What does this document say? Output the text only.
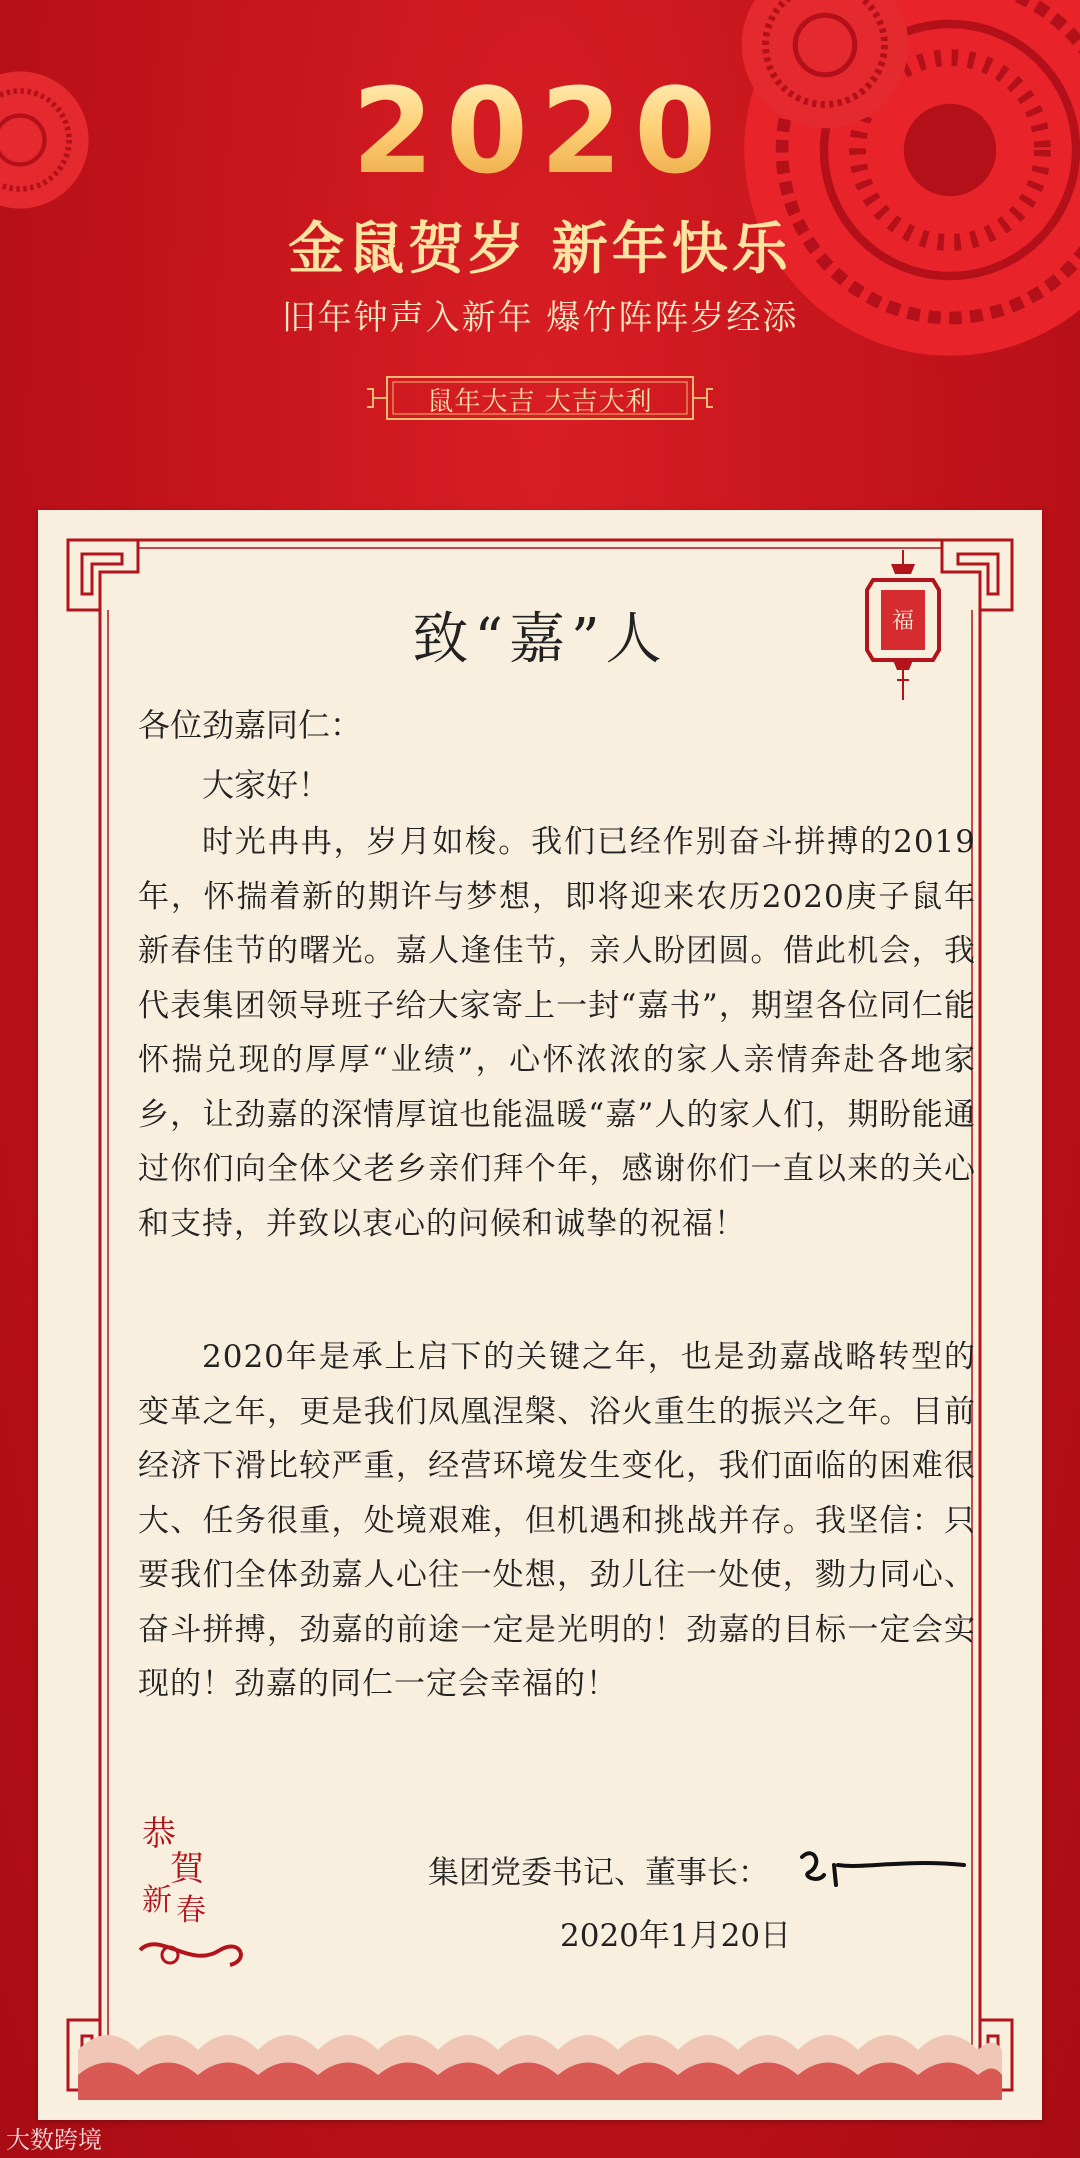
2020
金鼠贺岁 新年快乐
旧年钟声入新年 爆竹阵阵岁经添
鼠年大吉 大吉大利
福
致“嘉”人
各位劲嘉同仁：
大家好！
时光冉冉，岁月如梭。我们已经作别奋斗拼搏的2019年，怀揣着新的期许与梦想，即将迎来农历2020庚子鼠年新春佳节的曙光。嘉人逢佳节，亲人盼团圆。借此机会，我代表集团领导班子给大家寄上一封“嘉书”，期望各位同仁能怀揣兑现的厚厚“业绩”，心怀浓浓的家人亲情奔赴各地家乡，让劲嘉的深情厚谊也能温暖“嘉”人的家人们，期盼能通过你们向全体父老乡亲们拜个年，感谢你们一直以来的关心和支持，并致以衷心的问候和诚挚的祝福！
2020年是承上启下的关键之年，也是劲嘉战略转型的变革之年，更是我们凤凰涅槃、浴火重生的振兴之年。目前经济下滑比较严重，经营环境发生变化，我们面临的困难很大、任务很重，处境艰难，但机遇和挑战并存。我坚信：只要我们全体劲嘉人心往一处想，劲儿往一处使，勠力同心、奋斗拼搏，劲嘉的前途一定是光明的！劲嘉的目标一定会实现的！劲嘉的同仁一定会幸福的！
恭
賀
新 春
集团党委书记、董事长：
2020年1月20日
大数跨境
